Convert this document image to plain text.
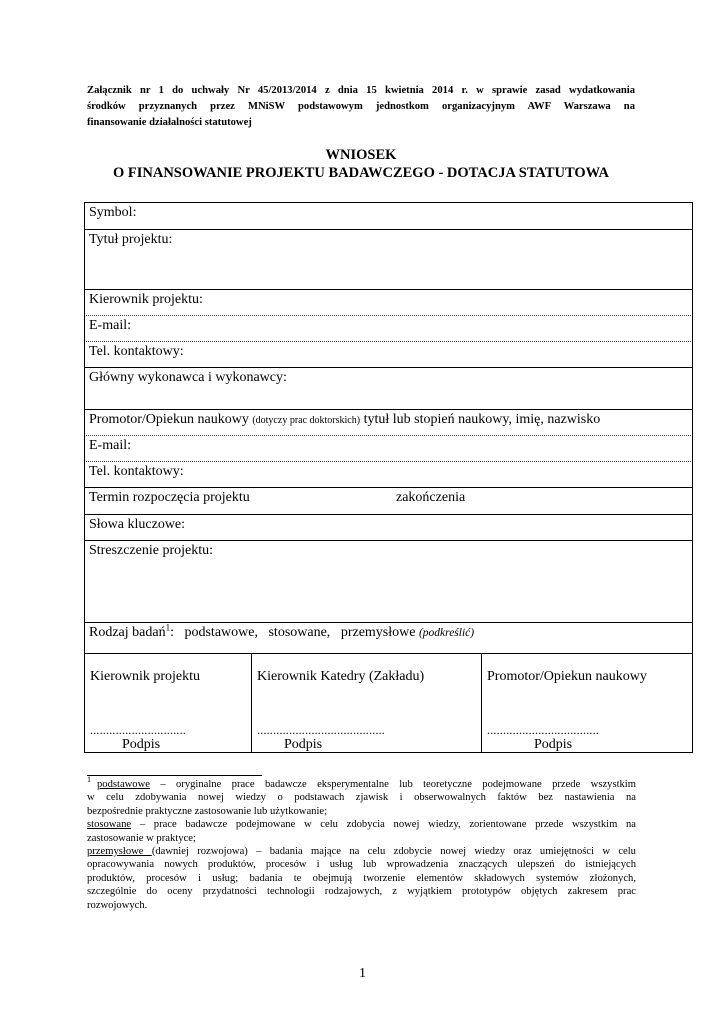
Załącznik nr 1 do uchwały Nr 45/2013/2014 z dnia 15 kwietnia 2014 r. w sprawie zasad wydatkowania
środków przyznanych przez MNiSW podstawowym jednostkom organizacyjnym AWF Warszawa na
finansowanie działalności statutowej
WNIOSEK
O FINANSOWANIE PROJEKTU BADAWCZEGO - DOTACJA STATUTOWA
Symbol:
Tytuł projektu:
Kierownik projektu:
E-mail:
Tel. kontaktowy:
Główny wykonawca i wykonawcy:
Promotor/Opiekun naukowy (dotyczy prac doktorskich) tytuł lub stopień naukowy, imię, nazwisko
E-mail:
Tel. kontaktowy:
Termin rozpoczęcia projektu	zakończenia
Słowa kluczowe:
Streszczenie projektu:
Rodzaj badań$^1$: podstawowe, stosowane, przemysłowe (podkreślić)
Kierownik projektu
..............................
Podpis
Kierownik Katedry (Zakładu)
........................................
Podpis
Promotor/Opiekun naukowy
...................................
Podpis

$^1$ podstawowe – oryginalne prace badawcze eksperymentalne lub teoretyczne podejmowane przede wszystkim

w celu zdobywania nowej wiedzy o podstawach zjawisk i obserwowalnych faktów bez nastawienia na

bezpośrednie praktyczne zastosowanie lub użytkowanie;

stosowane – prace badawcze podejmowane w celu zdobycia nowej wiedzy, zorientowane przede wszystkim na

zastosowanie w praktyce;

przemysłowe (dawniej rozwojowa) – badania mające na celu zdobycie nowej wiedzy oraz umiejętności w celu

opracowywania nowych produktów, procesów i usług lub wprowadzenia znaczących ulepszeń do istniejących

produktów, procesów i usług; badania te obejmują tworzenie elementów składowych systemów złożonych,

szczególnie do oceny przydatności technologii rodzajowych, z wyjątkiem prototypów objętych zakresem prac

rozwojowych.

1
